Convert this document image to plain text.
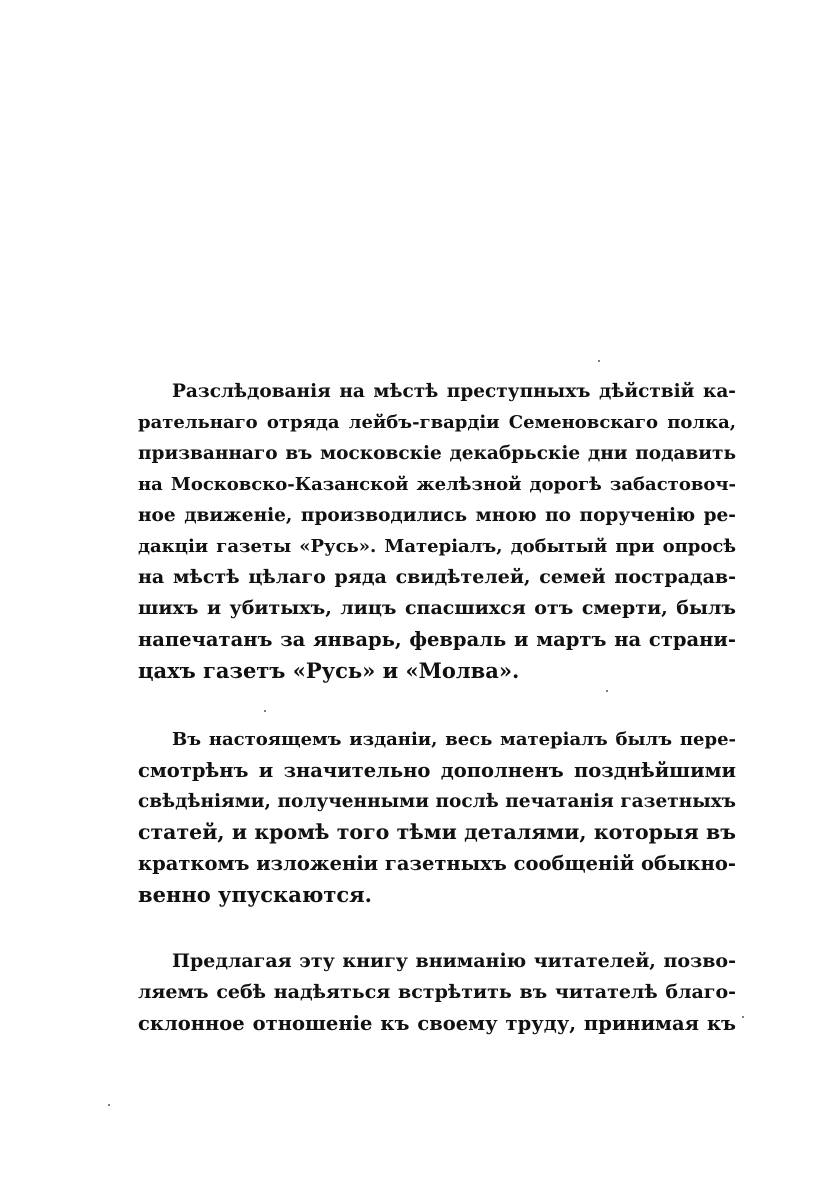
Разслѣдованія на мѣстѣ преступныхъ дѣйствій ка-
рательнаго отряда лейбъ-гвардіи Семеновскаго полка,
призваннаго въ московскіе декабрьскіе дни подавить
на Московско-Казанской желѣзной дорогѣ забастовоч-
ное движеніе, производились мною по порученію ре-
дакціи газеты «Русь». Матеріалъ, добытый при опросѣ
на мѣстѣ цѣлаго ряда свидѣтелей, семей пострадав-
шихъ и убитыхъ, лицъ спасшихся отъ смерти, былъ
напечатанъ за январь, февраль и мартъ на страни-
цахъ газетъ «Русь» и «Молва».
Въ настоящемъ изданіи, весь матеріалъ былъ пере-
смотрѣнъ и значительно дополненъ позднѣйшими
свѣдѣніями, полученными послѣ печатанія газетныхъ
статей, и кромѣ того тѣми деталями, которыя въ
краткомъ изложеніи газетныхъ сообщеній обыкно-
венно упускаются.
Предлагая эту книгу вниманію читателей, позво-
ляемъ себѣ надѣяться встрѣтить въ читателѣ благо-
склонное отношеніе къ своему труду, принимая къ
